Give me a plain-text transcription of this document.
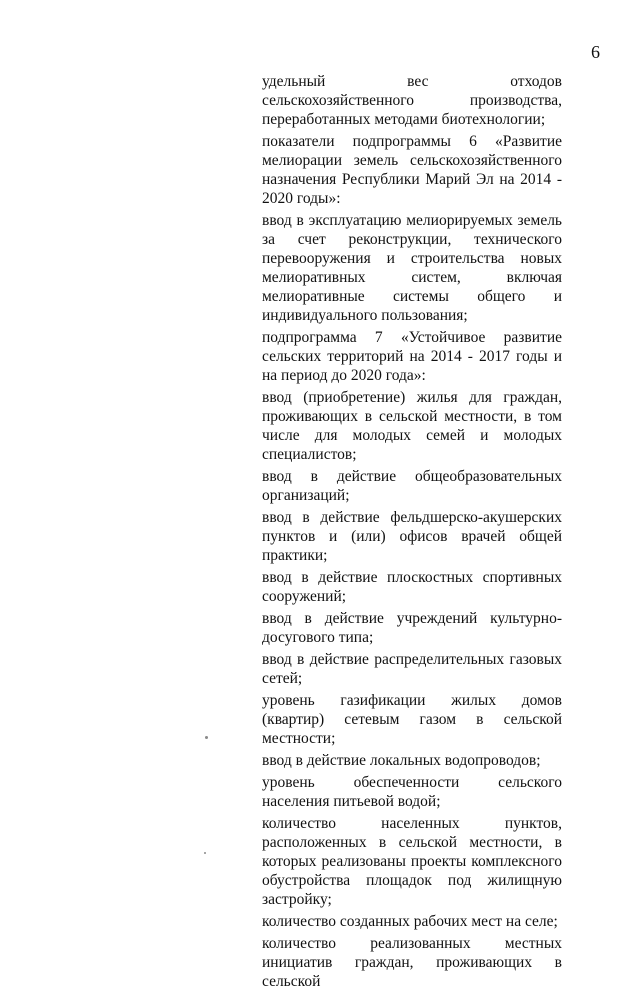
6

удельный вес отходов сельскохозяйственного производства, переработанных методами биотехнологии;

показатели подпрограммы 6 «Развитие мелиорации земель сельскохозяйственного назначения Республики Марий Эл на 2014 - 2020 годы»:

ввод в эксплуатацию мелиорируемых земель за счет реконструкции, технического перевооружения и строительства новых мелиоративных систем, включая мелиоративные системы общего и индивидуального пользования;

подпрограмма 7 «Устойчивое развитие сельских территорий на 2014 - 2017 годы и на период до 2020 года»:

ввод (приобретение) жилья для граждан, проживающих в сельской местности, в том числе для молодых семей и молодых специалистов;

ввод в действие общеобразовательных организаций;

ввод в действие фельдшерско-акушерских пунктов и (или) офисов врачей общей практики;

ввод в действие плоскостных спортивных сооружений;

ввод в действие учреждений культурно-досугового типа;

ввод в действие распределительных газовых сетей;

уровень газификации жилых домов (квартир) сетевым газом в сельской местности;

ввод в действие локальных водопроводов;

уровень обеспеченности сельского населения питьевой водой;

количество населенных пунктов, расположенных в сельской местности, в которых реализованы проекты комплексного обустройства площадок под жилищную застройку;

количество созданных рабочих мест на селе;

количество реализованных местных инициатив граждан, проживающих в сельской
